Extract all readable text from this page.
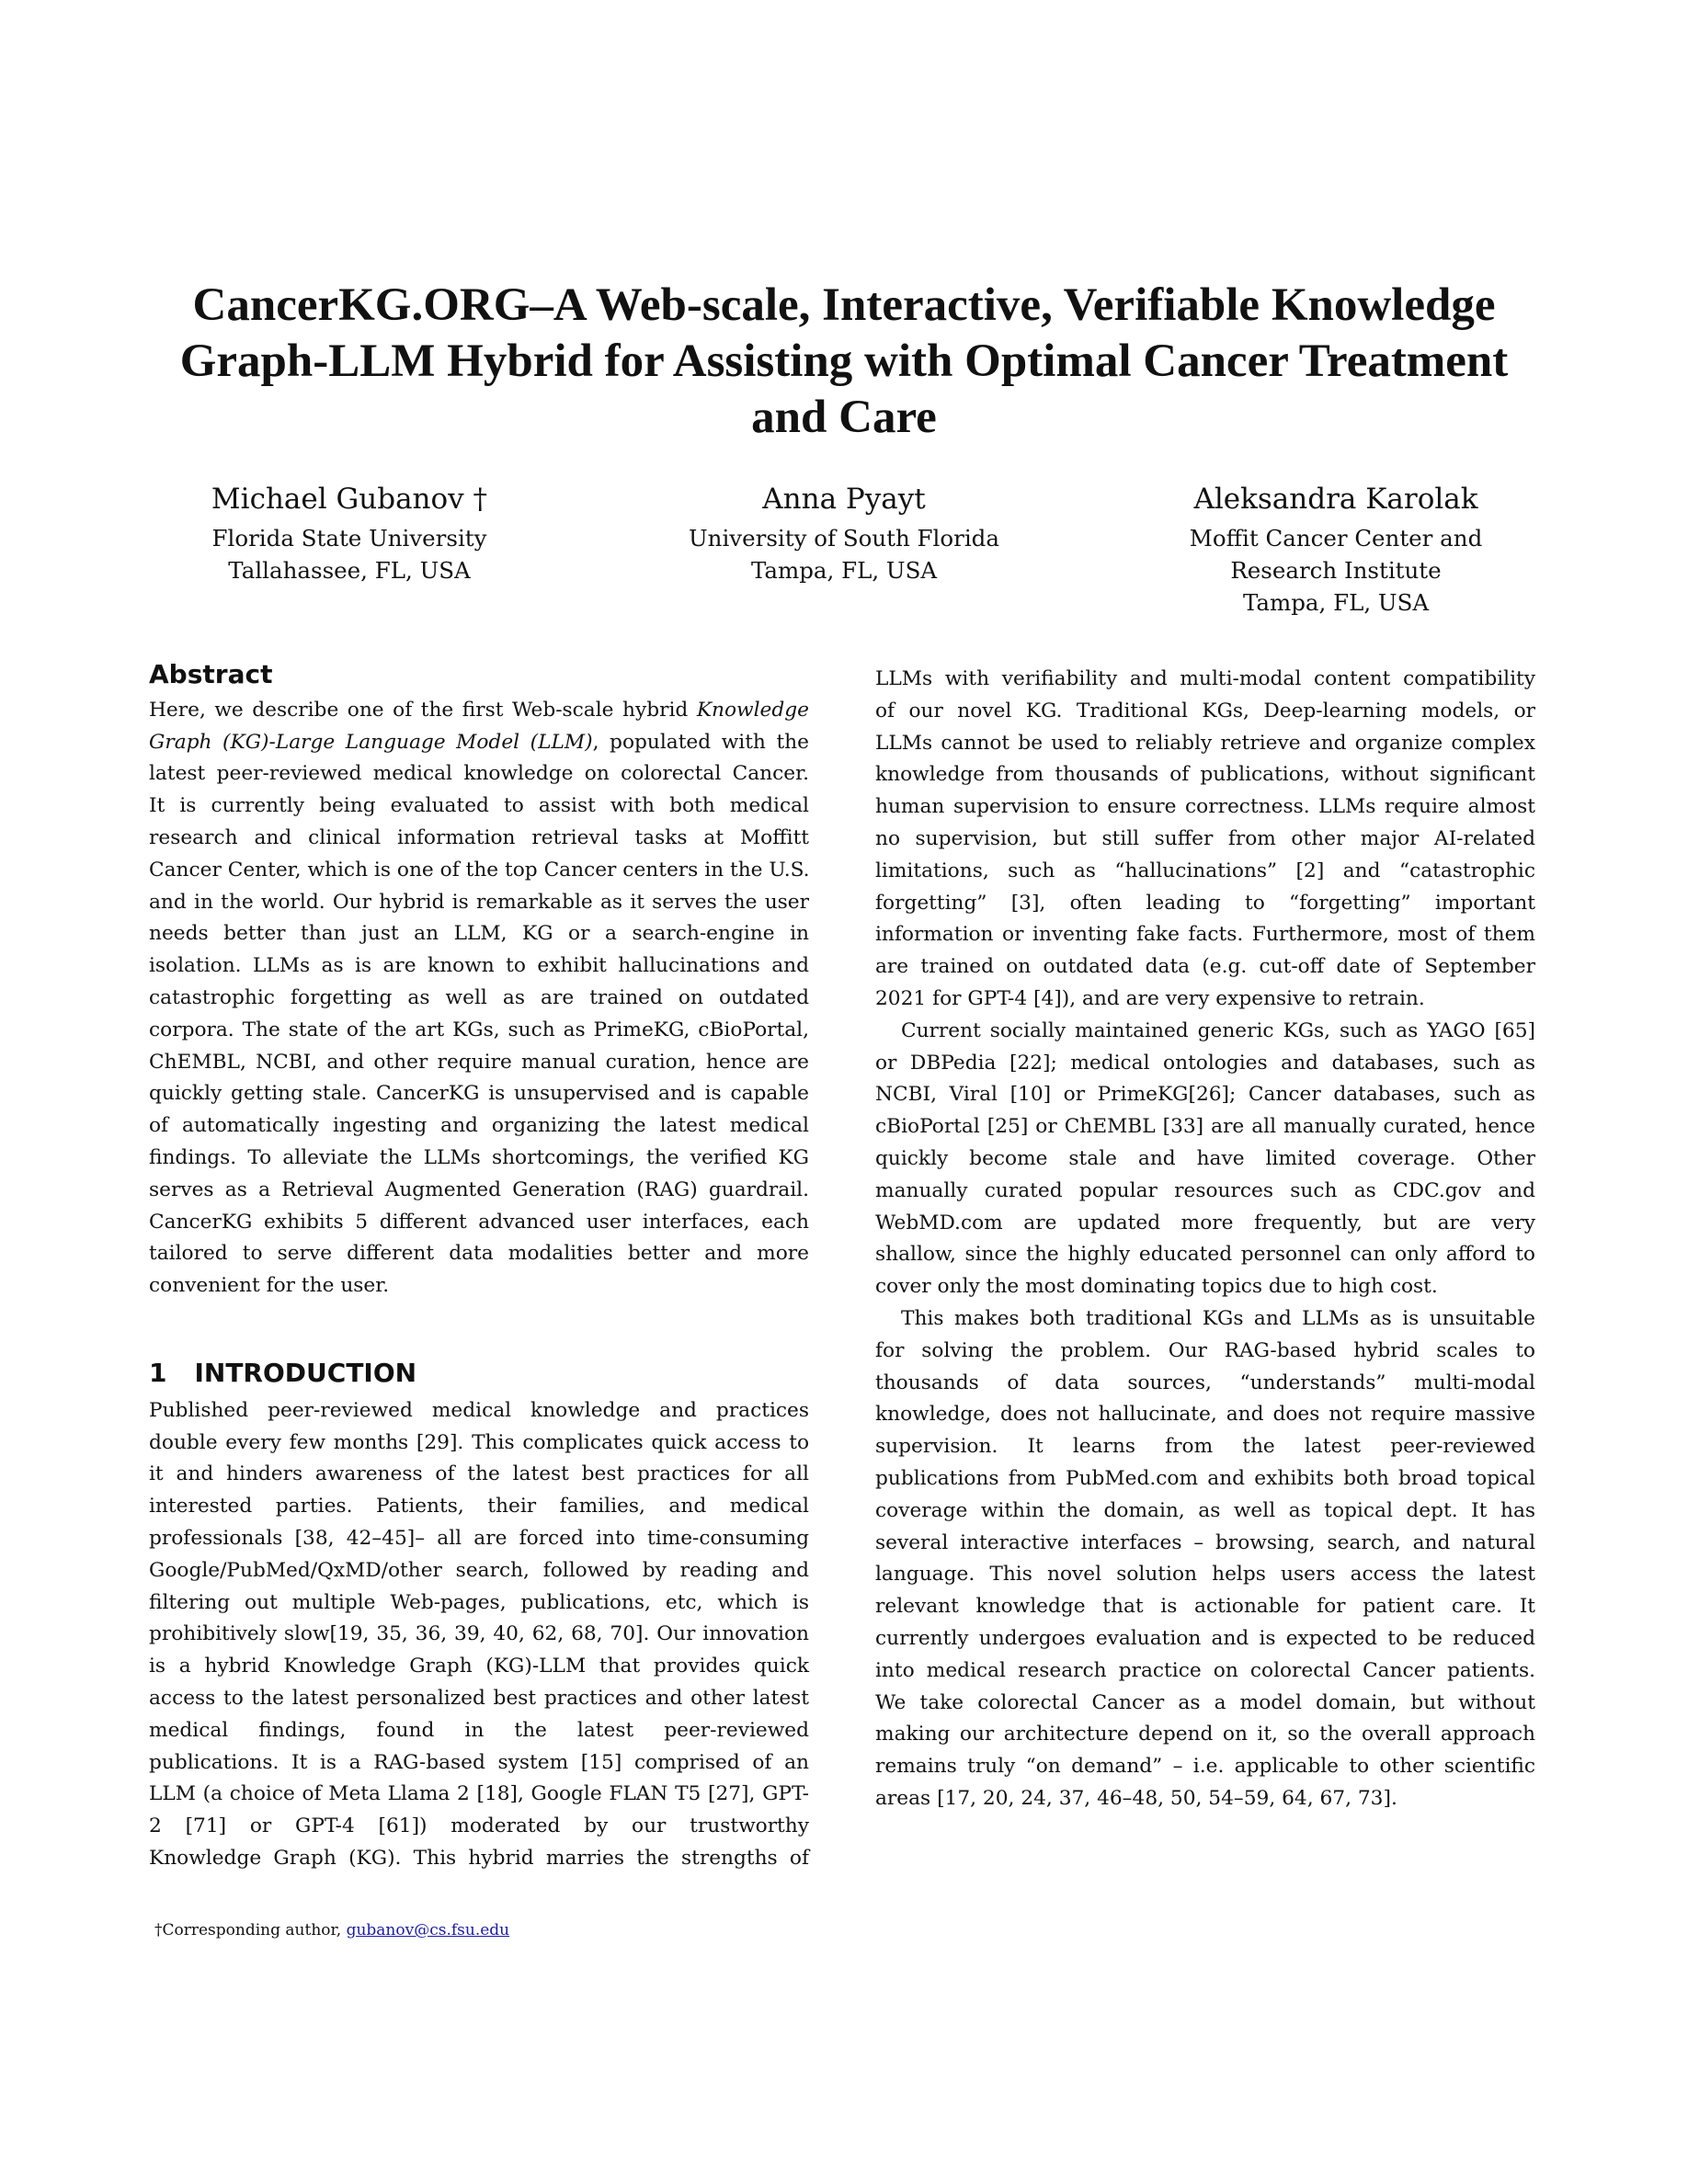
CancerKG.ORG–A Web-scale, Interactive, Verifiable Knowledge
Graph-LLM Hybrid for Assisting with Optimal Cancer Treatment
and Care
Michael Gubanov †
Florida State University
Tallahassee, FL, USA
Anna Pyayt
University of South Florida
Tampa, FL, USA
Aleksandra Karolak
Moffit Cancer Center and
Research Institute
Tampa, FL, USA
Abstract

Here, we describe one of the first Web-scale hybrid Knowledge
Graph (KG)-Large Language Model (LLM), populated with the
latest peer-reviewed medical knowledge on colorectal Cancer.
It is currently being evaluated to assist with both medical
research and clinical information retrieval tasks at Moffitt
Cancer Center, which is one of the top Cancer centers in the U.S.
and in the world. Our hybrid is remarkable as it serves the user
needs better than just an LLM, KG or a search-engine in
isolation. LLMs as is are known to exhibit hallucinations and
catastrophic forgetting as well as are trained on outdated
corpora. The state of the art KGs, such as PrimeKG, cBioPortal,
ChEMBL, NCBI, and other require manual curation, hence are
quickly getting stale. CancerKG is unsupervised and is capable
of automatically ingesting and organizing the latest medical
findings. To alleviate the LLMs shortcomings, the verified KG
serves as a Retrieval Augmented Generation (RAG) guardrail.
CancerKG exhibits 5 different advanced user interfaces, each
tailored to serve different data modalities better and more
convenient for the user.

1 INTRODUCTION

Published peer-reviewed medical knowledge and practices
double every few months [29]. This complicates quick access to
it and hinders awareness of the latest best practices for all
interested parties. Patients, their families, and medical
professionals [38, 42–45]– all are forced into time-consuming
Google/PubMed/QxMD/other search, followed by reading and
filtering out multiple Web-pages, publications, etc, which is
prohibitively slow[19, 35, 36, 39, 40, 62, 68, 70]. Our innovation
is a hybrid Knowledge Graph (KG)-LLM that provides quick
access to the latest personalized best practices and other latest
medical findings, found in the latest peer-reviewed
publications. It is a RAG-based system [15] comprised of an
LLM (a choice of Meta Llama 2 [18], Google FLAN T5 [27], GPT-
2 [71] or GPT-4 [61]) moderated by our trustworthy
Knowledge Graph (KG). This hybrid marries the strengths of

LLMs with verifiability and multi-modal content compatibility
of our novel KG. Traditional KGs, Deep-learning models, or
LLMs cannot be used to reliably retrieve and organize complex
knowledge from thousands of publications, without significant
human supervision to ensure correctness. LLMs require almost
no supervision, but still suffer from other major AI-related
limitations, such as “hallucinations” [2] and “catastrophic
forgetting” [3], often leading to “forgetting” important
information or inventing fake facts. Furthermore, most of them
are trained on outdated data (e.g. cut-off date of September
2021 for GPT-4 [4]), and are very expensive to retrain.

Current socially maintained generic KGs, such as YAGO [65]
or DBPedia [22]; medical ontologies and databases, such as
NCBI, Viral [10] or PrimeKG[26]; Cancer databases, such as
cBioPortal [25] or ChEMBL [33] are all manually curated, hence
quickly become stale and have limited coverage. Other
manually curated popular resources such as CDC.gov and
WebMD.com are updated more frequently, but are very
shallow, since the highly educated personnel can only afford to
cover only the most dominating topics due to high cost.

This makes both traditional KGs and LLMs as is unsuitable
for solving the problem. Our RAG-based hybrid scales to
thousands of data sources, “understands” multi-modal
knowledge, does not hallucinate, and does not require massive
supervision. It learns from the latest peer-reviewed
publications from PubMed.com and exhibits both broad topical
coverage within the domain, as well as topical dept. It has
several interactive interfaces – browsing, search, and natural
language. This novel solution helps users access the latest
relevant knowledge that is actionable for patient care. It
currently undergoes evaluation and is expected to be reduced
into medical research practice on colorectal Cancer patients.
We take colorectal Cancer as a model domain, but without
making our architecture depend on it, so the overall approach
remains truly “on demand” – i.e. applicable to other scientific
areas [17, 20, 24, 37, 46–48, 50, 54–59, 64, 67, 73].

†Corresponding author, gubanov@cs.fsu.edu
